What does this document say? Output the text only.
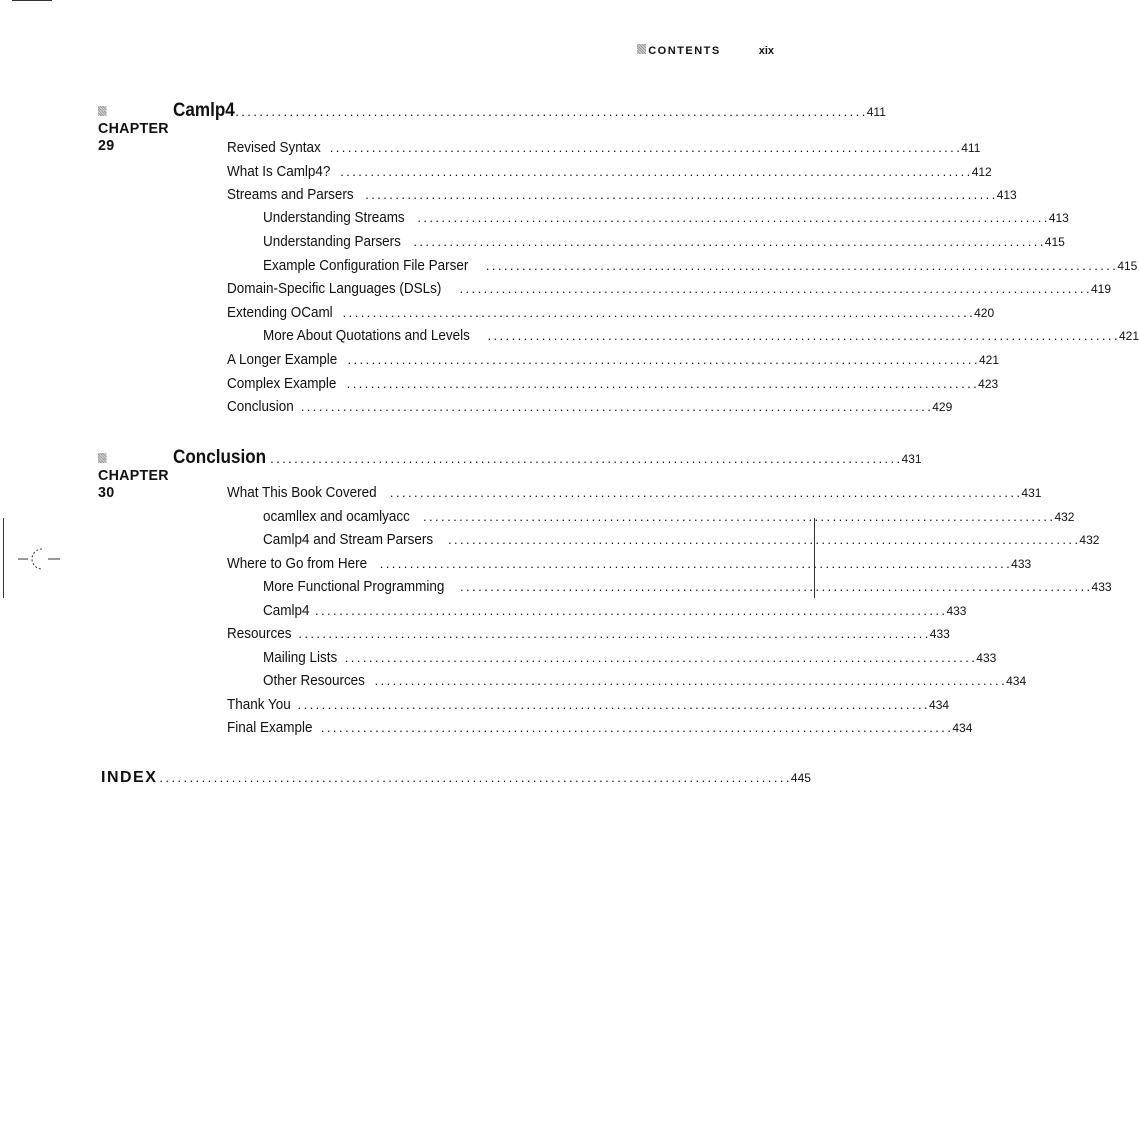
CONTENTS	xix
CHAPTER 29
Camlp4 . . .	411
Revised Syntax . . .	411
What Is Camlp4? . . .	412
Streams and Parsers . . .	413
Understanding Streams . . .	413
Understanding Parsers . . .	415
Example Configuration File Parser . . .	415
Domain-Specific Languages (DSLs) . . .	419
Extending OCaml . . .	420
More About Quotations and Levels . . .	421
A Longer Example . . .	421
Complex Example . . .	423
Conclusion . . .	429
CHAPTER 30
Conclusion . . .	431
What This Book Covered . . .	431
ocamllex and ocamlyacc . . .	432
Camlp4 and Stream Parsers . . .	432
Where to Go from Here . . .	433
More Functional Programming . . .	433
Camlp4 . . .	433
Resources . . .	433
Mailing Lists . . .	433
Other Resources . . .	434
Thank You . . .	434
Final Example . . .	434
INDEX . . .	445
